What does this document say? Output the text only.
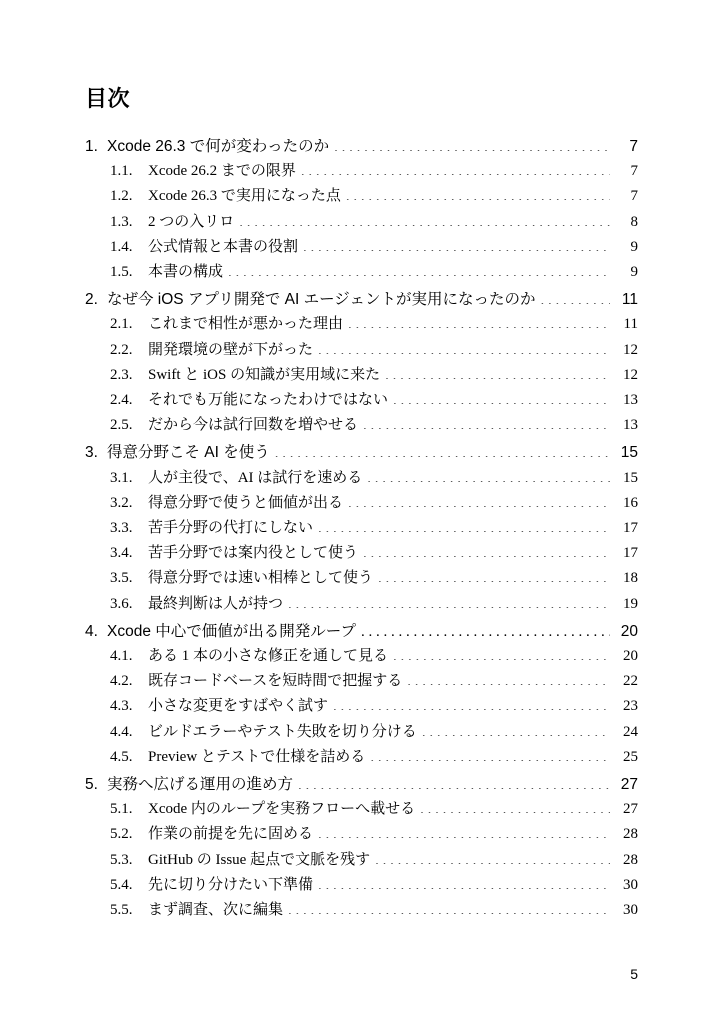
目次
1. Xcode 26.3 で何が変わったのか . . .	7
1.1.	Xcode 26.2 までの限界 . . .	7
1.2.	Xcode 26.3 で実用になった点 . . .	7
1.3.	2 つの入リロ . . .	8
1.4.	公式情報と本書の役割 . . .	9
1.5.	本書の構成 . . .	9
2. なぜ今 iOS アプリ開発で AI エージェントが実用になったのか . . .	11
2.1.	これまで相性が悪かった理由 . . .	11
2.2.	開発環境の壁が下がった . . .	12
2.3.	Swift と iOS の知識が実用域に来た . . .	12
2.4.	それでも万能になったわけではない . . .	13
2.5.	だから今は試行回数を増やせる . . .	13
3. 得意分野こそ AI を使う . . .	15
3.1.	人が主役で、AI は試行を速める . . .	15
3.2.	得意分野で使うと価値が出る . . .	16
3.3.	苦手分野の代打にしない . . .	17
3.4.	苦手分野では案内役として使う . . .	17
3.5.	得意分野では速い相棒として使う . . .	18
3.6.	最終判断は人が持つ . . .	19
4. Xcode 中心で価値が出る開発ループ . . .	20
4.1.	ある 1 本の小さな修正を通して見る . . .	20
4.2.	既存コードベースを短時間で把握する . . .	22
4.3.	小さな変更をすばやく試す . . .	23
4.4.	ビルドエラーやテスト失敗を切り分ける . . .	24
4.5.	Preview とテストで仕様を詰める . . .	25
5. 実務へ広げる運用の進め方 . . .	27
5.1.	Xcode 内のループを実務フローへ載せる . . .	27
5.2.	作業の前提を先に固める . . .	28
5.3.	GitHub の Issue 起点で文脈を残す . . .	28
5.4.	先に切り分けたい下準備 . . .	30
5.5.	まず調査、次に編集 . . .	30
5
